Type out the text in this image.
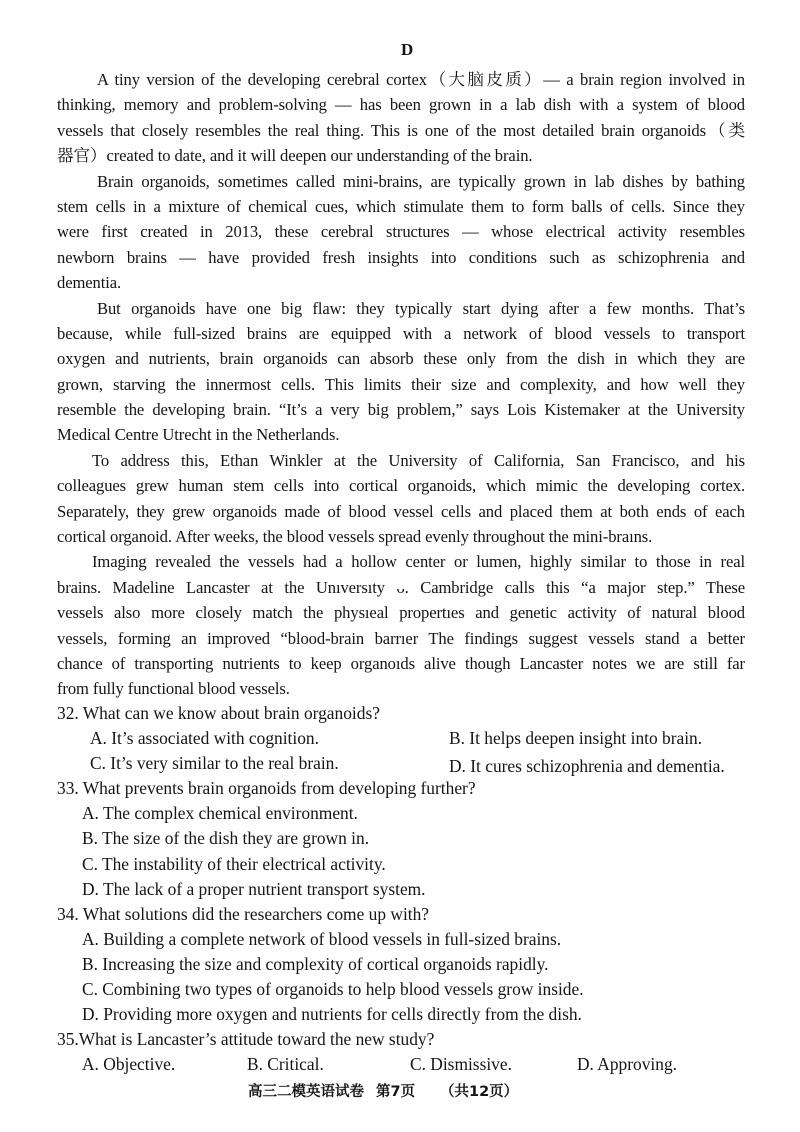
D
A tiny version of the developing cerebral cortex（大脑皮质）— a brain region involved in
thinking, memory and problem-solving — has been grown in a lab dish with a system of blood
vessels that closely resembles the real thing. This is one of the most detailed brain organoids（类
器官）created to date, and it will deepen our understanding of the brain.
Brain organoids, sometimes called mini-brains, are typically grown in lab dishes by bathing
stem cells in a mixture of chemical cues, which stimulate them to form balls of cells. Since they
were first created in 2013, these cerebral structures — whose electrical activity resembles
newborn brains — have provided fresh insights into conditions such as schizophrenia and
dementia.
But organoids have one big flaw: they typically start dying after a few months. That’s
because, while full-sized brains are equipped with a network of blood vessels to transport
oxygen and nutrients, brain organoids can absorb these only from the dish in which they are
grown, starving the innermost cells. This limits their size and complexity, and how well they
resemble the developing brain. “It’s a very big problem,” says Lois Kistemaker at the University
Medical Centre Utrecht in the Netherlands.
To address this, Ethan Winkler at the University of California, San Francisco, and his
colleagues grew human stem cells into cortical organoids, which mimic the developing cortex.
Separately, they grew organoids made of blood vessel cells and placed them at both ends of each
cortical organoid. After weeks, the blood vessels spread evenly throughout the mini-braıns.
Imaging revealed the vessels had a hollow center or lumen, highly similar to those in real
brains. Madeline Lancaster at the Unıversıty ᴗ. Cambridge calls this “a major step.” These
vessels also more closely match the physıeal propertıes and genetic activity of natural blood
vessels, forming an improved “blood-brain barrıer The findings suggest vessels stand a better
chance of transporting nutrients to keep organoıds alive though Lancaster notes we are still far
from fully functional blood vessels.
32. What can we know about brain organoids?
A. It’s associated with cognition.	B. It helps deepen insight into brain.
C. It’s very similar to the real brain.	D. It cures schizophrenia and dementia.
33. What prevents brain organoids from developing further?
A. The complex chemical environment.
B. The size of the dish they are grown in.
C. The instability of their electrical activity.
D. The lack of a proper nutrient transport system.
34. What solutions did the researchers come up with?
A. Building a complete network of blood vessels in full-sized brains.
B. Increasing the size and complexity of cortical organoids rapidly.
C. Combining two types of organoids to help blood vessels grow inside.
D. Providing more oxygen and nutrients for cells directly from the dish.
35.What is Lancaster’s attitude toward the new study?
A. Objective.	B. Critical.	C. Dismissive.	D. Approving.
高三二模英语试卷 第7页 （共12页）
